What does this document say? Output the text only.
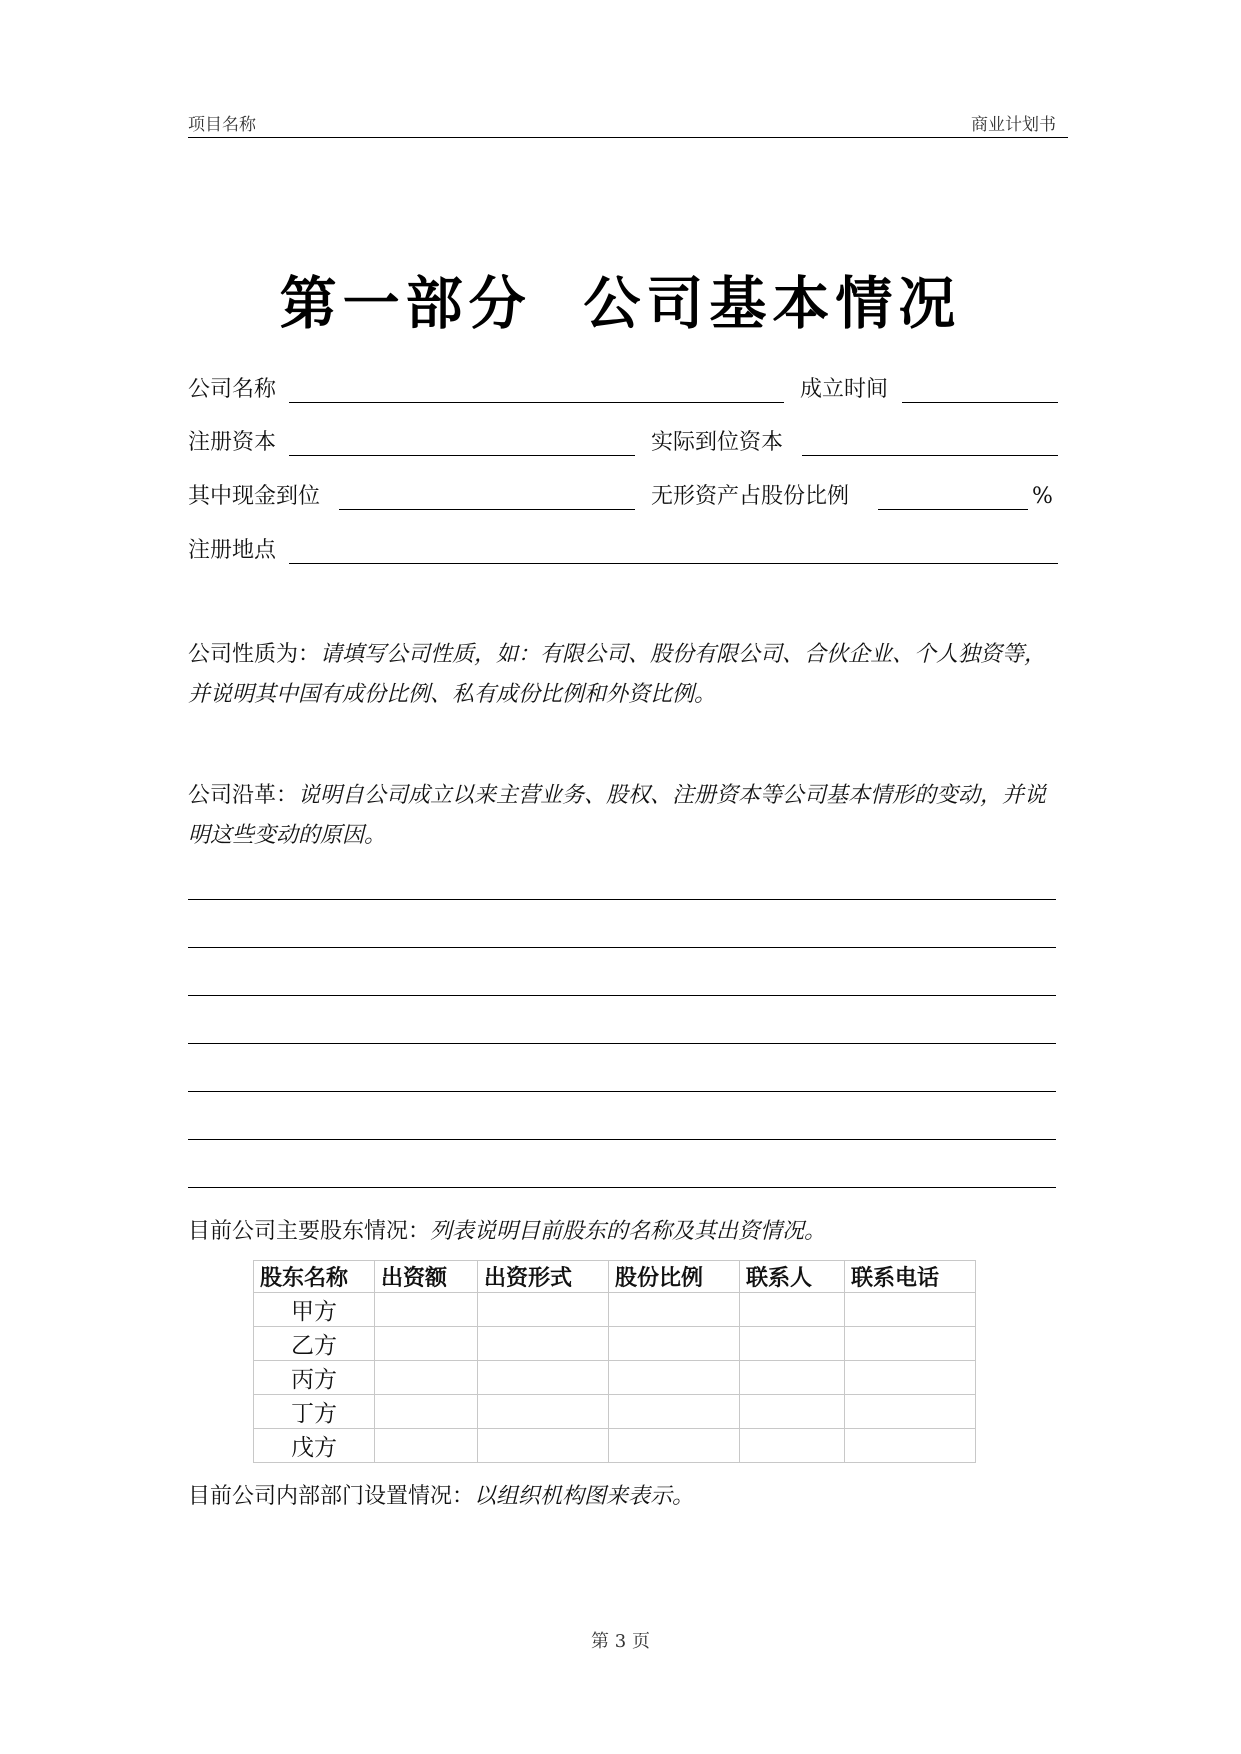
项目名称	商业计划书
第一部分  公司基本情况
公司名称	成立时间
注册资本	实际到位资本
其中现金到位	无形资产占股份比例	%
注册地点
公司性质为：请填写公司性质，如：有限公司、股份有限公司、合伙企业、个人独资等，并说明其中国有成份比例、私有成份比例和外资比例。
公司沿革：说明自公司成立以来主营业务、股权、注册资本等公司基本情形的变动，并说明这些变动的原因。
目前公司主要股东情况：列表说明目前股东的名称及其出资情况。
股东名称	出资额	出资形式	股份比例	联系人	联系电话
甲方					
乙方					
丙方					
丁方					
戊方					
目前公司内部部门设置情况：以组织机构图来表示。
第 3 页
